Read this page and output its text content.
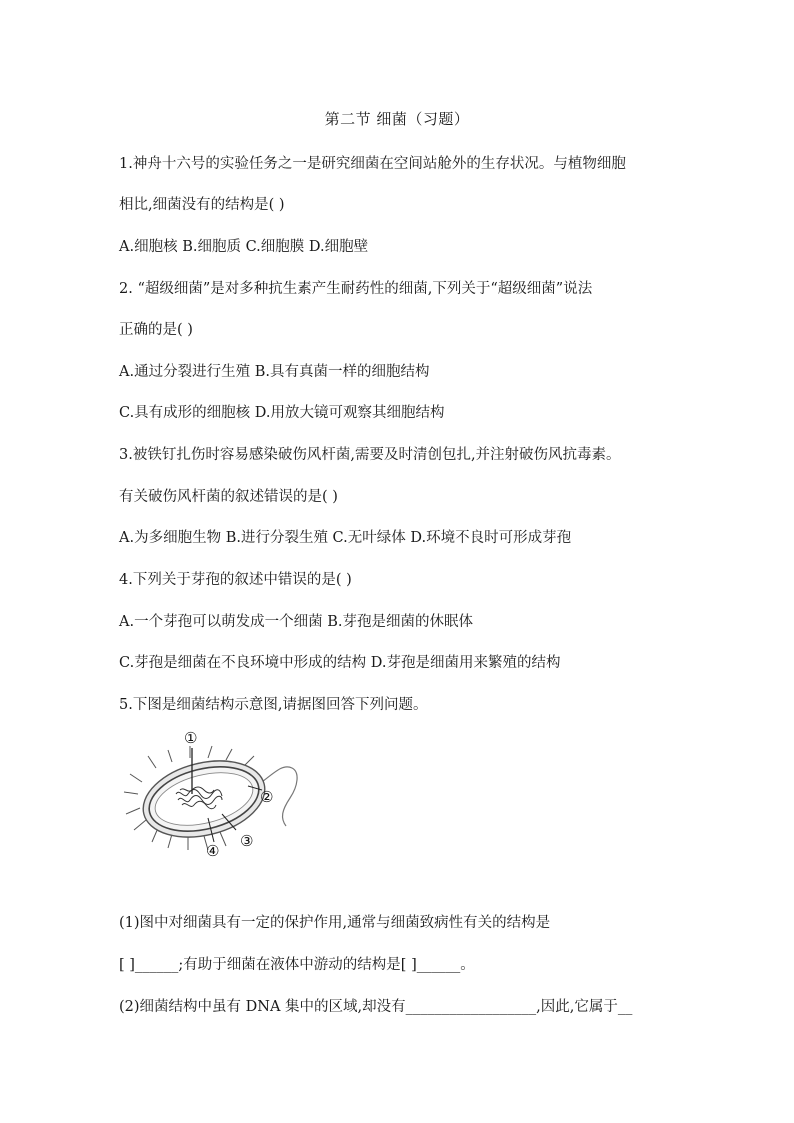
第二节 细菌（习题）
1.神舟十六号的实验任务之一是研究细菌在空间站舱外的生存状况。与植物细胞
相比,细菌没有的结构是( )
A.细胞核 B.细胞质 C.细胞膜 D.细胞壁
2. “超级细菌”是对多种抗生素产生耐药性的细菌,下列关于“超级细菌”说法
正确的是( )
A.通过分裂进行生殖 B.具有真菌一样的细胞结构
C.具有成形的细胞核 D.用放大镜可观察其细胞结构
3.被铁钉扎伤时容易感染破伤风杆菌,需要及时清创包扎,并注射破伤风抗毒素。
有关破伤风杆菌的叙述错误的是( )
A.为多细胞生物 B.进行分裂生殖 C.无叶绿体 D.环境不良时可形成芽孢
4.下列关于芽孢的叙述中错误的是( )
A.一个芽孢可以萌发成一个细菌 B.芽孢是细菌的休眠体
C.芽孢是细菌在不良环境中形成的结构 D.芽孢是细菌用来繁殖的结构
5.下图是细菌结构示意图,请据图回答下列问题。
①
②
③
④
(1)图中对细菌具有一定的保护作用,通常与细菌致病性有关的结构是
[ ]______;有助于细菌在液体中游动的结构是[ ]______。
(2)细菌结构中虽有 DNA 集中的区域,却没有__________________,因此,它属于__
